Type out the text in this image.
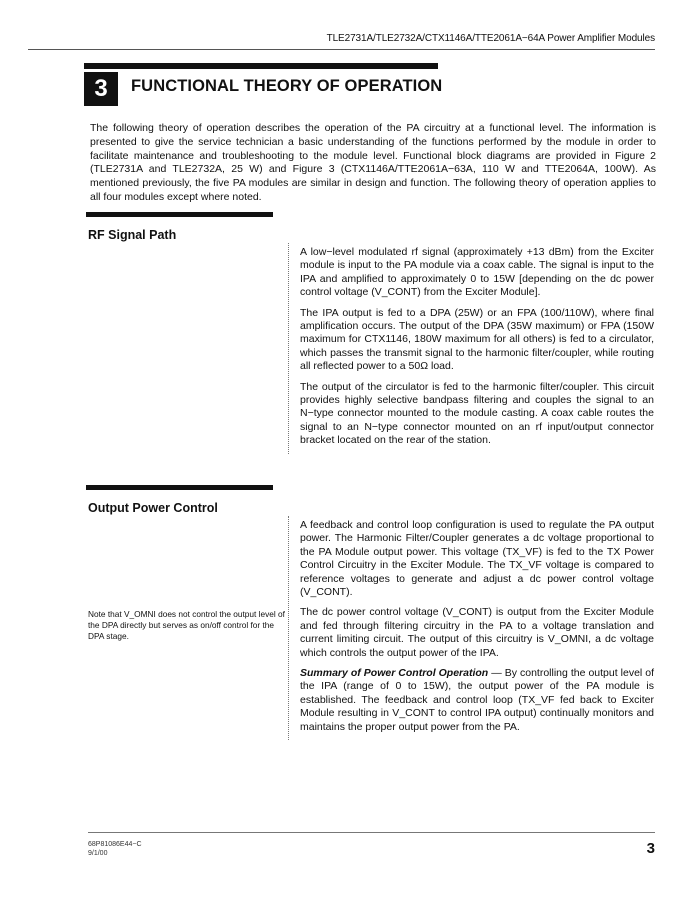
TLE2731A/TLE2732A/CTX1146A/TTE2061A−64A Power Amplifier Modules
3	FUNCTIONAL THEORY OF OPERATION

The following theory of operation describes the operation of the PA circuitry at a functional level. The information is presented to give the service technician a basic understanding of the functions performed by the module in order to facilitate maintenance and troubleshooting to the module level. Functional block diagrams are provided in Figure 2 (TLE2731A and TLE2732A, 25 W) and Figure 3 (CTX1146A/TTE2061A−63A, 110 W and TTE2064A, 100W). As mentioned previously, the five PA modules are similar in design and function. The following theory of operation applies to all four modules except where noted.

RF Signal Path

A low−level modulated rf signal (approximately +13 dBm) from the Exciter module is input to the PA module via a coax cable. The signal is input to the IPA and amplified to approximately 0 to 15W [depending on the dc power control voltage (V_CONT) from the Exciter Module].

The IPA output is fed to a DPA (25W) or an FPA (100/110W), where final amplification occurs. The output of the DPA (35W maximum) or FPA (150W maximum for CTX1146, 180W maximum for all others) is fed to a circulator, which passes the transmit signal to the harmonic filter/coupler, while routing all reflected power to a 50Ω load.

The output of the circulator is fed to the harmonic filter/coupler. This circuit provides highly selective bandpass filtering and couples the signal to an N−type connector mounted to the module casting. A coax cable routes the signal to an N−type connector mounted on an rf input/output connector bracket located on the rear of the station.

Output Power Control

A feedback and control loop configuration is used to regulate the PA output power. The Harmonic Filter/Coupler generates a dc voltage proportional to the PA Module output power. This voltage (TX_VF) is fed to the TX Power Control Circuitry in the Exciter Module. The TX_VF voltage is compared to reference voltages to generate and adjust a dc power control voltage (V_CONT).

The dc power control voltage (V_CONT) is output from the Exciter Module and fed through filtering circuitry in the PA to a voltage translation and current limiting circuit. The output of this circuitry is V_OMNI, a dc voltage which controls the output power of the IPA.

Summary of Power Control Operation — By controlling the output level of the IPA (range of 0 to 15W), the output power of the PA module is established. The feedback and control loop (TX_VF fed back to Exciter Module resulting in V_CONT to control IPA output) continually monitors and maintains the proper output power from the PA.

Note that V_OMNI does not control the output level of the DPA directly but serves as on/off control for the DPA stage.

68P81086E44−C
9/1/00	3
